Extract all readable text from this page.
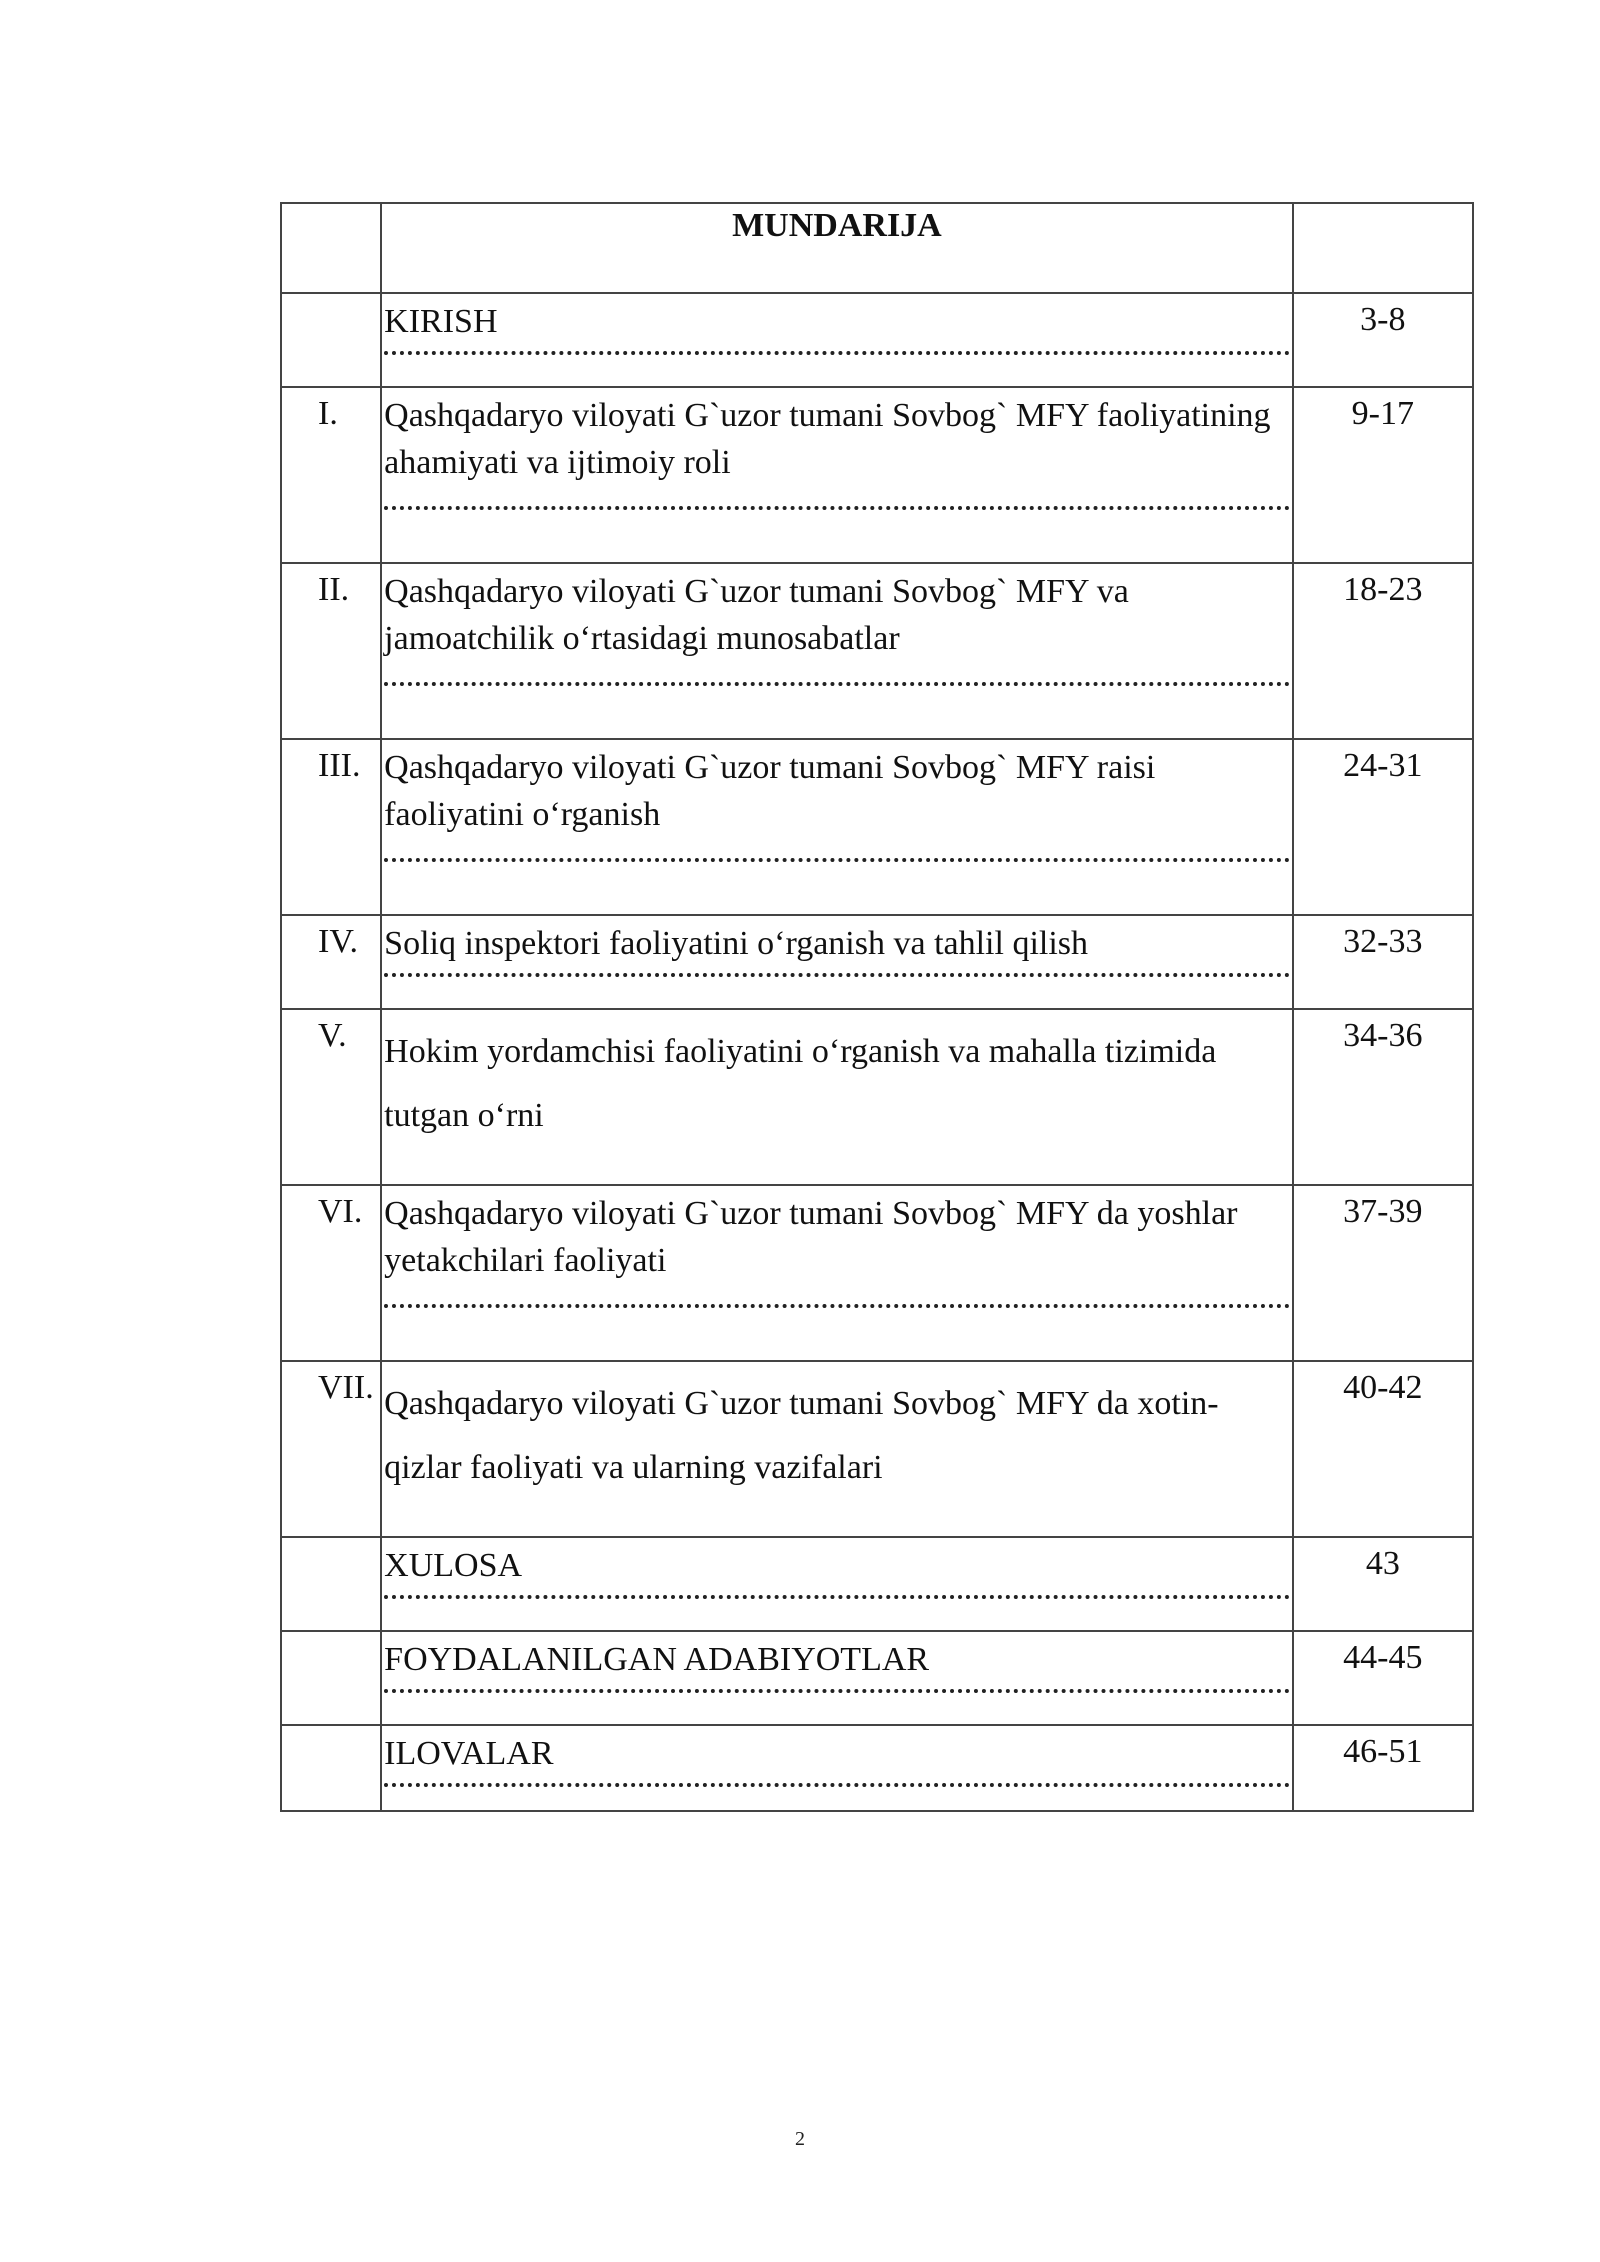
	MUNDARIJA	

	KIRISH	3-8
I.	Qashqadaryo viloyati G`uzor tumani Sovbog` MFY faoliyatining ahamiyati va ijtimoiy roli	9-17
II.	Qashqadaryo viloyati G`uzor tumani Sovbog` MFY va jamoatchilik o‘rtasidagi munosabatlar	18-23
III.	Qashqadaryo viloyati G`uzor tumani Sovbog` MFY raisi faoliyatini o‘rganish	24-31
IV.	Soliq inspektori faoliyatini o‘rganish va tahlil qilish	32-33
V.	Hokim yordamchisi faoliyatini o‘rganish va mahalla tizimida tutgan o‘rni	34-36
VI.	Qashqadaryo viloyati G`uzor tumani Sovbog` MFY da yoshlar yetakchilari faoliyati	37-39
VII.	Qashqadaryo viloyati G`uzor tumani Sovbog` MFY da xotin-qizlar faoliyati va ularning vazifalari	40-42

	XULOSA	43

	FOYDALANILGAN ADABIYOTLAR	44-45

	ILOVALAR	46-51
2
